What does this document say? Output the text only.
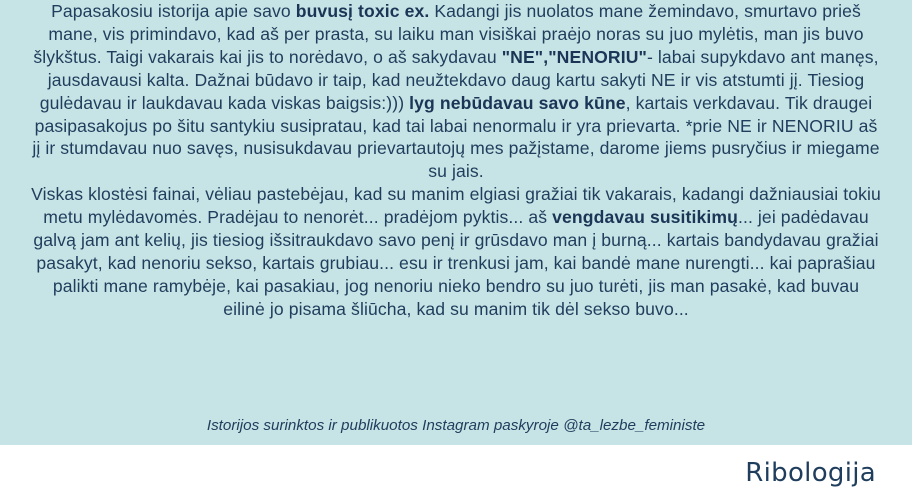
Papasakosiu istorija apie savo buvusį toxic ex. Kadangi jis nuolatos mane žemindavo, smurtavo prieš mane, vis primindavo, kad aš per prasta, su laiku man visiškai praėjo noras su juo mylėtis, man jis buvo šlykštus. Taigi vakarais kai jis to norėdavo, o aš sakydavau "NE","NENORIU"- labai supykdavo ant manęs, jausdavausi kalta. Dažnai būdavo ir taip, kad neužtekdavo daug kartu sakyti NE ir vis atstumti jį. Tiesiog gulėdavau ir laukdavau kada viskas baigsis:))) lyg nebūdavau savo kūne, kartais verkdavau. Tik draugei pasipasakojus po šitu santykiu susipratau, kad tai labai nenormalu ir yra prievarta. *prie NE ir NENORIU aš jį ir stumdavau nuo savęs, nusisukdavau prievartautojų mes pažįstame, darome jiems pusryčius ir miegame su jais.
Viskas klostėsi fainai, vėliau pastebėjau, kad su manim elgiasi gražiai tik vakarais, kadangi dažniausiai tokiu metu mylėdavomės. Pradėjau to nenorėt... pradėjom pyktis... aš vengdavau susitikimų... jei padėdavau galvą jam ant kelių, jis tiesiog išsitraukdavo savo penį ir grūsdavo man į burną... kartais bandydavau gražiai pasakyt, kad nenoriu sekso, kartais grubiau... esu ir trenkusi jam, kai bandė mane nurengti... kai paprašiau palikti mane ramybėje, kai pasakiau, jog nenoriu nieko bendro su juo turėti, jis man pasakė, kad buvau eilinė jo pisama šliūcha, kad su manim tik dėl sekso buvo...

Istorijos surinktos ir publikuotos Instagram paskyroje @ta_lezbe_feministe

Ribologija
